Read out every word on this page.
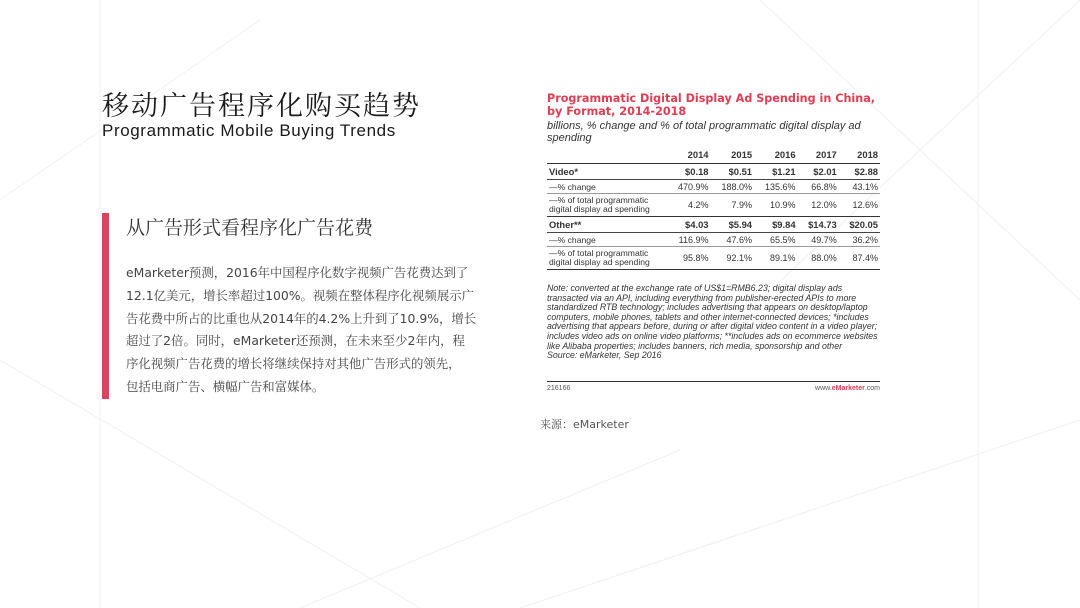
移动广告程序化购买趋势
Programmatic Mobile Buying Trends
从广告形式看程序化广告花费

eMarketer预测，2016年中国程序化数字视频广告花费达到了
12.1亿美元，增长率超过100%。视频在整体程序化视频展示广
告花费中所占的比重也从2014年的4.2%上升到了10.9%，增长
超过了2倍。同时，eMarketer还预测，在未来至少2年内，程
序化视频广告花费的增长将继续保持对其他广告形式的领先，
包括电商广告、横幅广告和富媒体。

Programmatic Digital Display Ad Spending in China, by Format, 2014-2018

billions, % change and % of total programmatic digital display ad spending

	2014	2015	2016	2017	2018
Video*	$0.18	$0.51	$1.21	$2.01	$2.88
—% change	470.9%	188.0%	135.6%	66.8%	43.1%
—% of total programmatic digital display ad spending	4.2%	7.9%	10.9%	12.0%	12.6%
Other**	$4.03	$5.94	$9.84	$14.73	$20.05
—% change	116.9%	47.6%	65.5%	49.7%	36.2%
—% of total programmatic digital display ad spending	95.8%	92.1%	89.1%	88.0%	87.4%

Note: converted at the exchange rate of US$1=RMB6.23; digital display ads transacted via an API, including everything from publisher-erected APIs to more standardized RTB technology; includes advertising that appears on desktop/laptop computers, mobile phones, tablets and other internet-connected devices; *includes advertising that appears before, during or after digital video content in a video player; includes video ads on online video platforms; **includes ads on ecommerce websites like Alibaba properties; includes banners, rich media, sponsorship and other
Source: eMarketer, Sep 2016

216166	www.eMarketer.com
来源：eMarketer
